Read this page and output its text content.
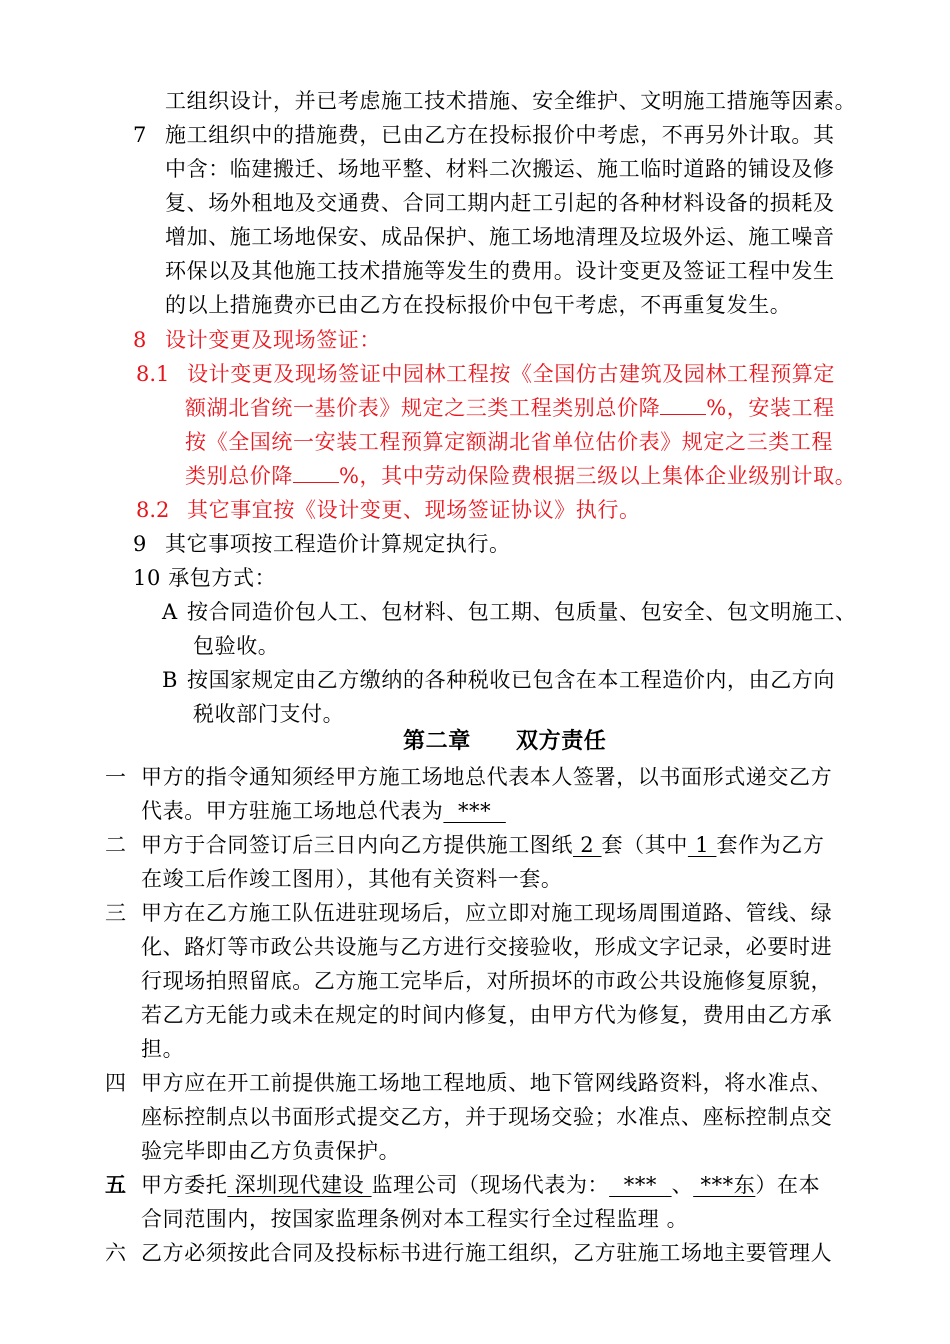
工组织设计，并已考虑施工技术措施、安全维护、文明施工措施等因素。
7 施工组织中的措施费，已由乙方在投标报价中考虑，不再另外计取。其
中含：临建搬迁、场地平整、材料二次搬运、施工临时道路的铺设及修
复、场外租地及交通费、合同工期内赶工引起的各种材料设备的损耗及
增加、施工场地保安、成品保护、施工场地清理及垃圾外运、施工噪音
环保以及其他施工技术措施等发生的费用。设计变更及签证工程中发生
的以上措施费亦已由乙方在投标报价中包干考虑，不再重复发生。
8 设计变更及现场签证：
8.1 设计变更及现场签证中园林工程按《全国仿古建筑及园林工程预算定
额湖北省统一基价表》规定之三类工程类别总价降 %，安装工程
按《全国统一安装工程预算定额湖北省单位估价表》规定之三类工程
类别总价降 %，其中劳动保险费根据三级以上集体企业级别计取。
8.2 其它事宜按《设计变更、现场签证协议》执行。
9 其它事项按工程造价计算规定执行。
10 承包方式：
A 按合同造价包人工、包材料、包工期、包质量、包安全、包文明施工、
包验收。
B 按国家规定由乙方缴纳的各种税收已包含在本工程造价内，由乙方向
税收部门支付。
第二章　　双方责任
一 甲方的指令通知须经甲方施工场地总代表本人签署，以书面形式递交乙方
代表。甲方驻施工场地总代表为  ***
二 甲方于合同签订后三日内向乙方提供施工图纸 2 套（其中 1 套作为乙方
在竣工后作竣工图用），其他有关资料一套。
三 甲方在乙方施工队伍进驻现场后，应立即对施工现场周围道路、管线、绿
化、路灯等市政公共设施与乙方进行交接验收，形成文字记录，必要时进
行现场拍照留底。乙方施工完毕后，对所损坏的市政公共设施修复原貌，
若乙方无能力或未在规定的时间内修复，由甲方代为修复，费用由乙方承
担。
四 甲方应在开工前提供施工场地工程地质、地下管网线路资料，将水准点、
座标控制点以书面形式提交乙方，并于现场交验；水准点、座标控制点交
验完毕即由乙方负责保护。
五 甲方委托 深圳现代建设 监理公司（现场代表为：  ***  、 ***东）在本
合同范围内，按国家监理条例对本工程实行全过程监理 。
六 乙方必须按此合同及投标标书进行施工组织，乙方驻施工场地主要管理人
